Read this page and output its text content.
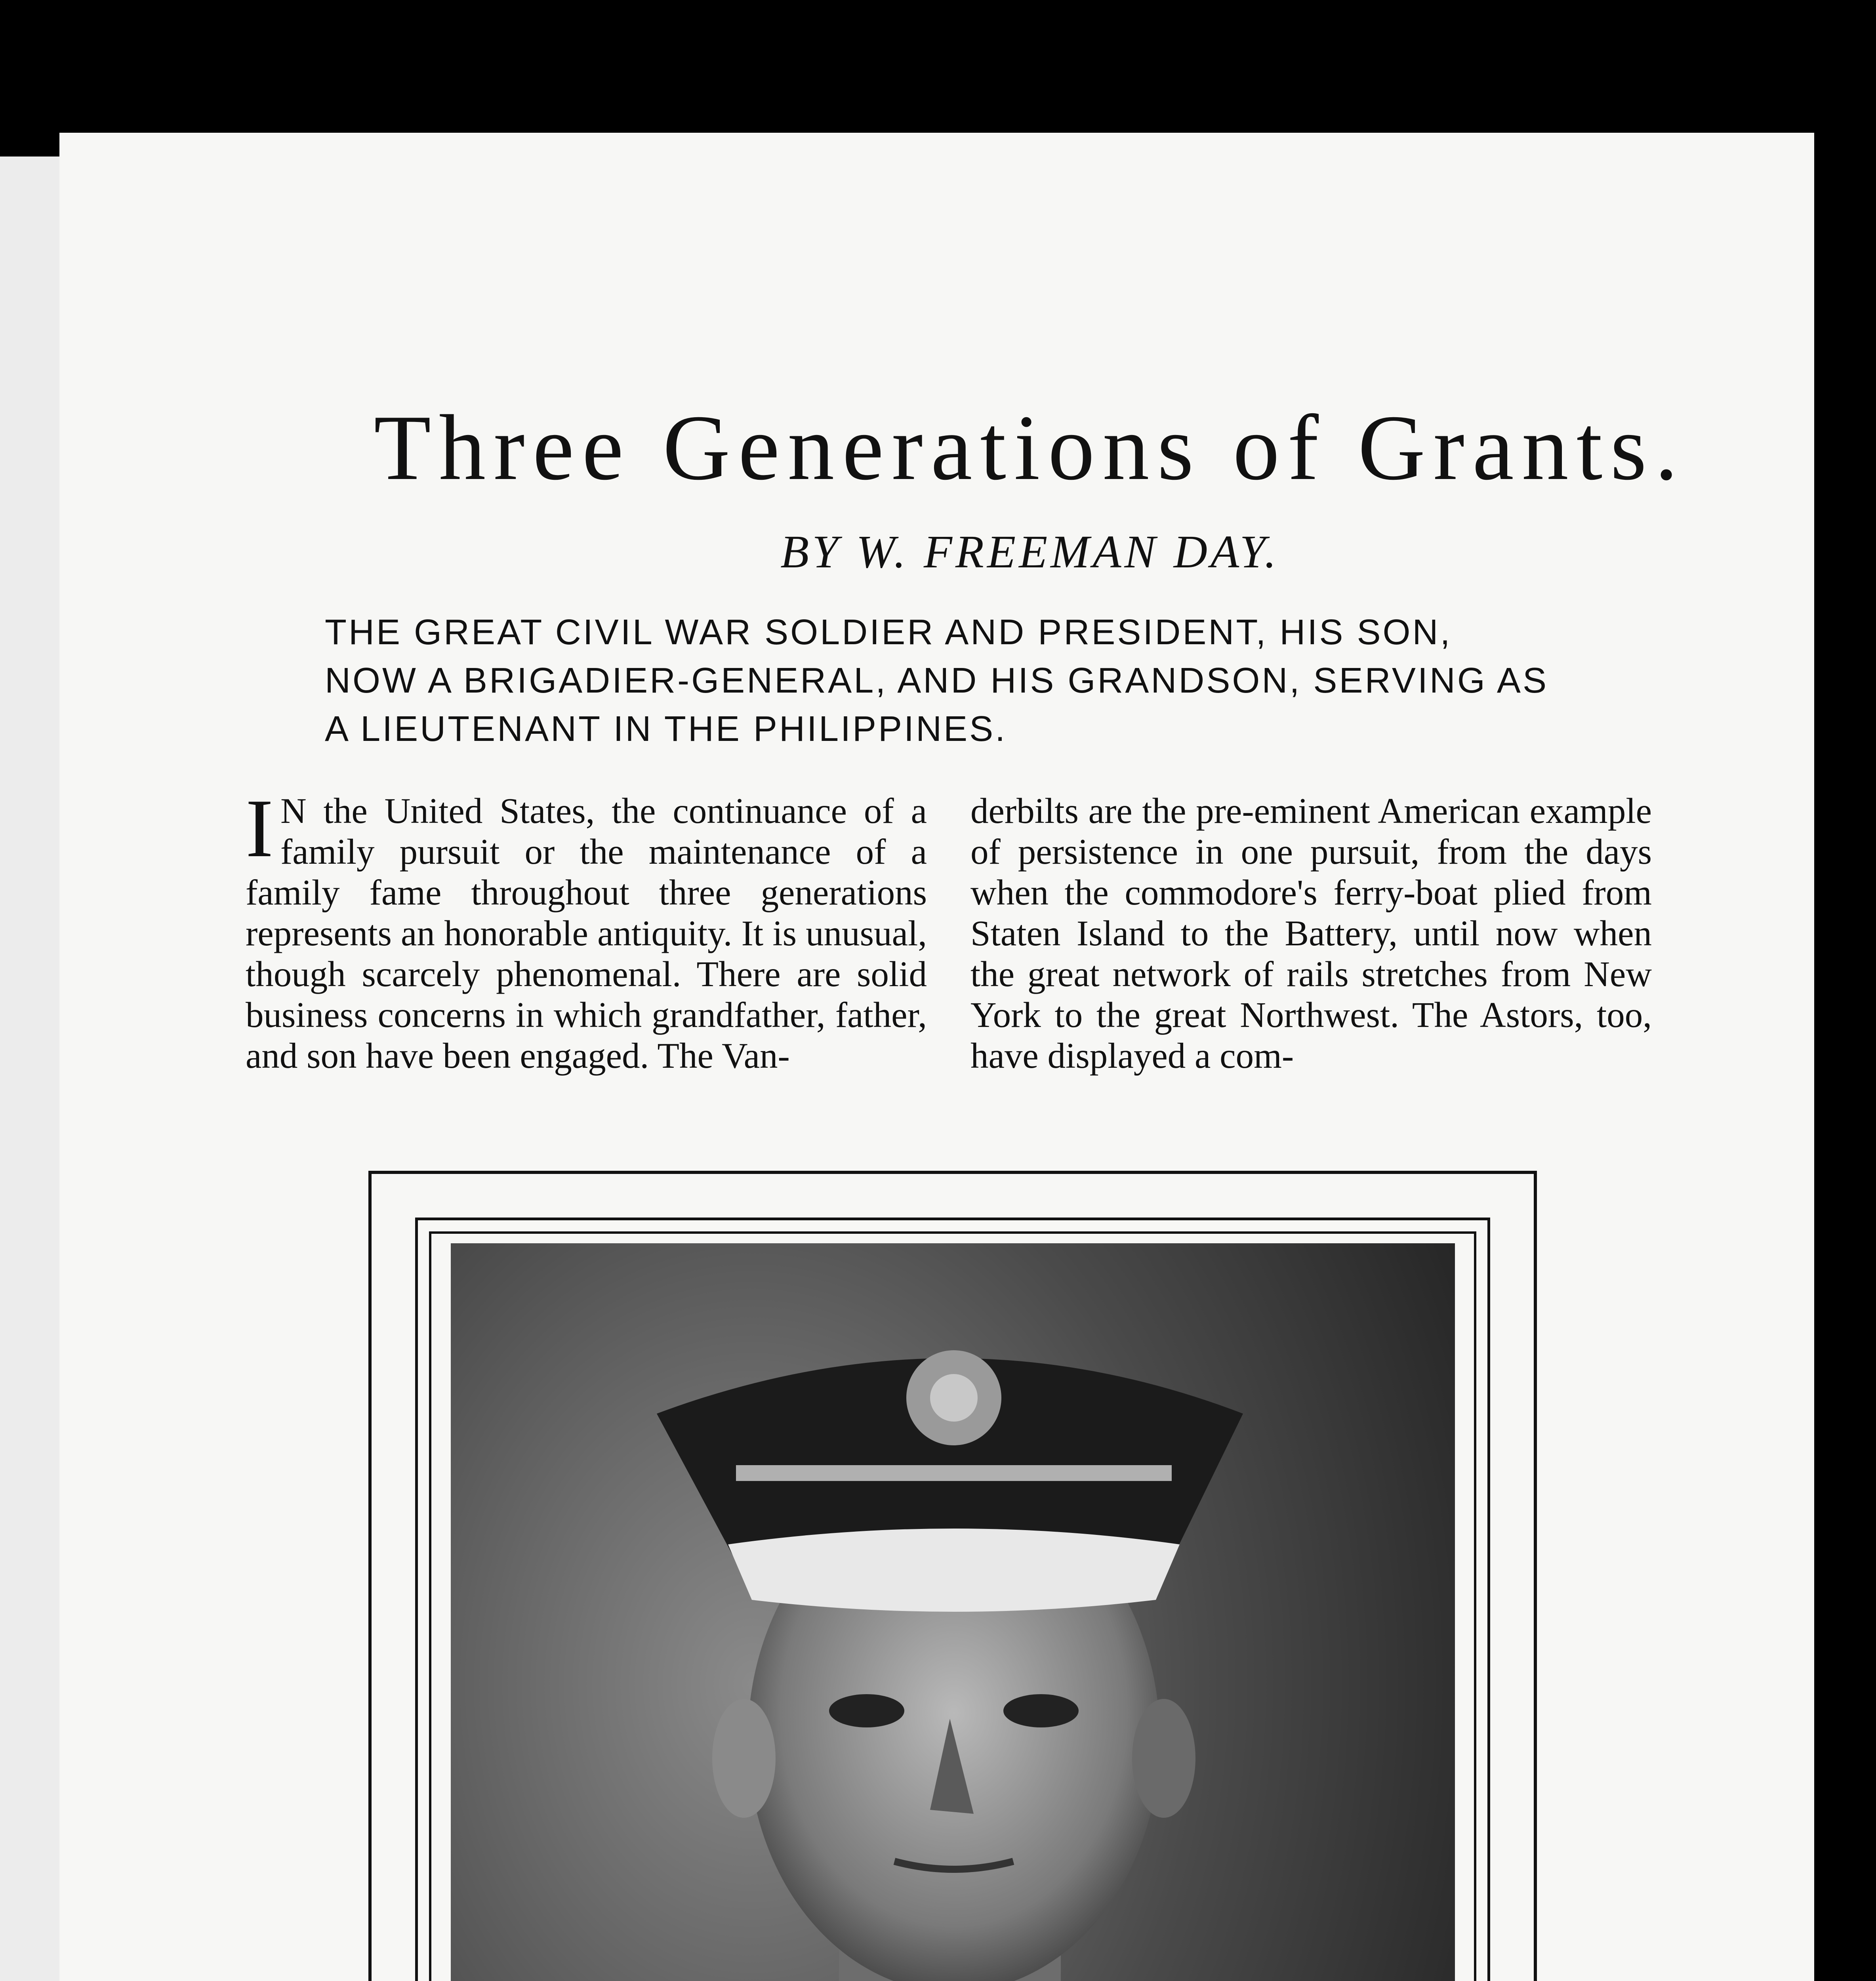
Three Generations of Grants.
BY W. FREEMAN DAY.
THE GREAT CIVIL WAR SOLDIER AND PRESIDENT, HIS SON,
NOW A BRIGADIER-GENERAL, AND HIS GRANDSON, SERVING AS
A LIEUTENANT IN THE PHILIPPINES.

I N the United States, the continuance of a family pursuit or the maintenance of a family fame throughout three generations represents an honorable antiquity. It is unusual, though scarcely phenomenal. There are solid business concerns in which grandfather, father, and son have been engaged. The Van-

derbilts are the pre-eminent American example of persistence in one pursuit, from the days when the commodore's ferry-boat plied from Staten Island to the Battery, until now when the great network of rails stretches from New York to the great Northwest. The Astors, too, have displayed a com-
